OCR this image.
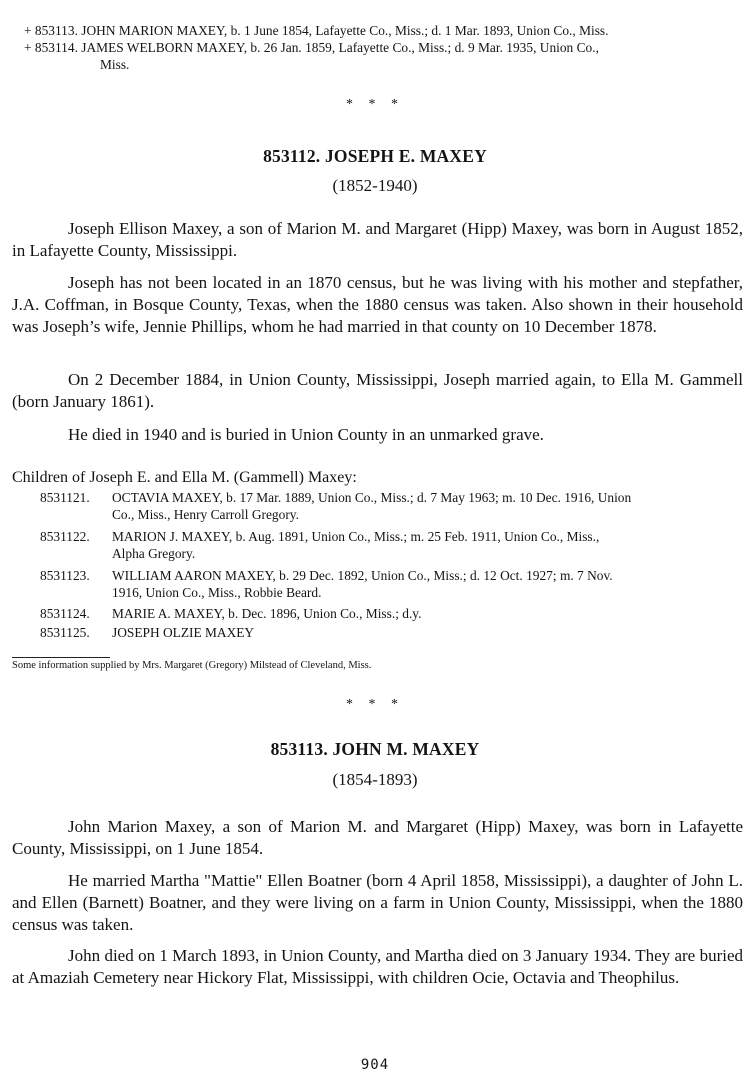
+ 853113. JOHN MARION MAXEY, b. 1 June 1854, Lafayette Co., Miss.; d. 1 Mar. 1893, Union Co., Miss.
+ 853114. JAMES WELBORN MAXEY, b. 26 Jan. 1859, Lafayette Co., Miss.; d. 9 Mar. 1935, Union Co.,
Miss.
* * *
853112. JOSEPH E. MAXEY
(1852-1940)
Joseph Ellison Maxey, a son of Marion M. and Margaret (Hipp) Maxey, was born in August 1852, in Lafayette County, Mississippi.
Joseph has not been located in an 1870 census, but he was living with his mother and stepfather, J.A. Coffman, in Bosque County, Texas, when the 1880 census was taken. Also shown in their household was Joseph’s wife, Jennie Phillips, whom he had married in that county on 10 December 1878.
On 2 December 1884, in Union County, Mississippi, Joseph married again, to Ella M. Gammell (born January 1861).
He died in 1940 and is buried in Union County in an unmarked grave.
Children of Joseph E. and Ella M. (Gammell) Maxey:
8531121. OCTAVIA MAXEY, b. 17 Mar. 1889, Union Co., Miss.; d. 7 May 1963; m. 10 Dec. 1916, Union
Co., Miss., Henry Carroll Gregory.
8531122. MARION J. MAXEY, b. Aug. 1891, Union Co., Miss.; m. 25 Feb. 1911, Union Co., Miss.,
Alpha Gregory.
8531123. WILLIAM AARON MAXEY, b. 29 Dec. 1892, Union Co., Miss.; d. 12 Oct. 1927; m. 7 Nov.
1916, Union Co., Miss., Robbie Beard.
8531124. MARIE A. MAXEY, b. Dec. 1896, Union Co., Miss.; d.y.
8531125. JOSEPH OLZIE MAXEY
Some information supplied by Mrs. Margaret (Gregory) Milstead of Cleveland, Miss.
* * *
853113. JOHN M. MAXEY
(1854-1893)
John Marion Maxey, a son of Marion M. and Margaret (Hipp) Maxey, was born in Lafayette County, Mississippi, on 1 June 1854.
He married Martha "Mattie" Ellen Boatner (born 4 April 1858, Mississippi), a daughter of John L. and Ellen (Barnett) Boatner, and they were living on a farm in Union County, Mississippi, when the 1880 census was taken.
John died on 1 March 1893, in Union County, and Martha died on 3 January 1934. They are buried at Amaziah Cemetery near Hickory Flat, Mississippi, with children Ocie, Octavia and Theophilus.
904
